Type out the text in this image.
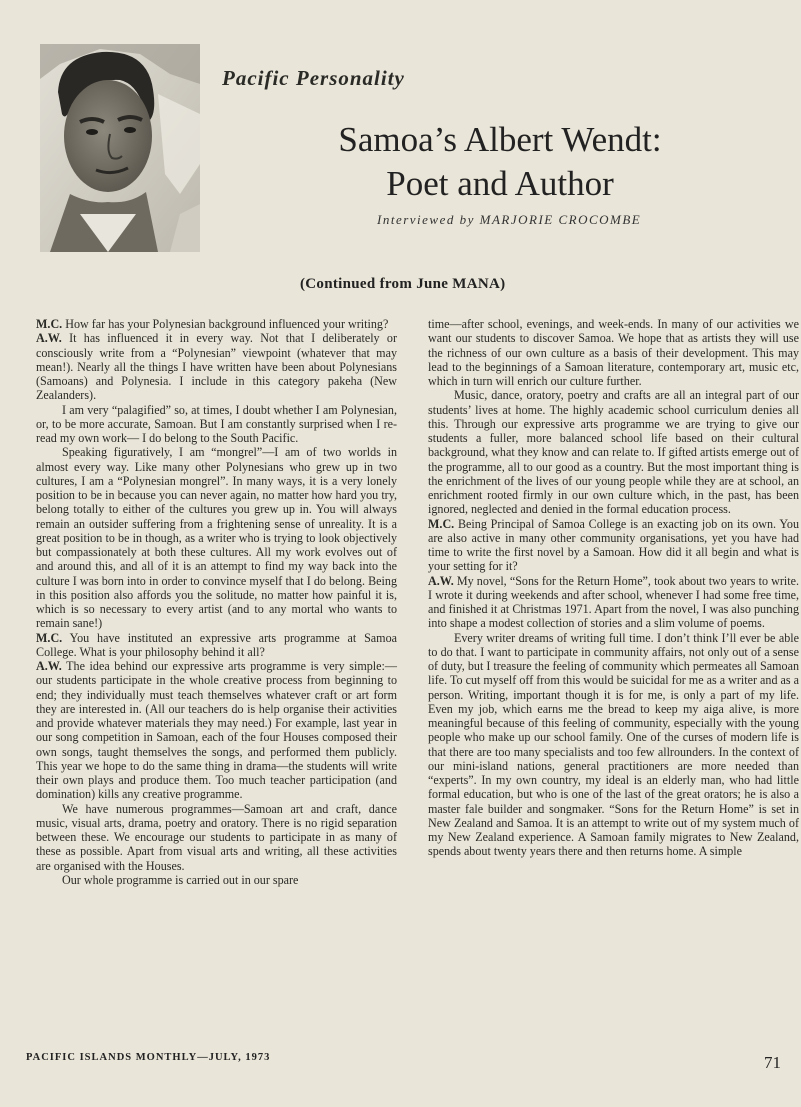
Pacific Personality
Samoa’s Albert Wendt:
Poet and Author
Interviewed by MARJORIE CROCOMBE
(Continued from June MANA)

M.C. How far has your Polynesian background influenced your writing?

A.W. It has influenced it in every way. Not that I deliberately or consciously write from a “Polynesian” viewpoint (whatever that may mean!). Nearly all the things I have written have been about Polynesians (Samoans) and Polynesia. I include in this category pakeha (New Zealanders).

I am very “palagified” so, at times, I doubt whether I am Polynesian, or, to be more accurate, Samoan. But I am constantly surprised when I re-read my own work— I do belong to the South Pacific.

Speaking figuratively, I am “mongrel”—I am of two worlds in almost every way. Like many other Polynesians who grew up in two cultures, I am a “Polynesian mongrel”. In many ways, it is a very lonely position to be in because you can never again, no matter how hard you try, belong totally to either of the cultures you grew up in. You will always remain an outsider suffering from a frightening sense of unreality. It is a great position to be in though, as a writer who is trying to look objectively but compassionately at both these cultures. All my work evolves out of and around this, and all of it is an attempt to find my way back into the culture I was born into in order to convince myself that I do belong. Being in this position also affords you the solitude, no matter how painful it is, which is so necessary to every artist (and to any mortal who wants to remain sane!)

M.C. You have instituted an expressive arts programme at Samoa College. What is your philosophy behind it all?

A.W. The idea behind our expressive arts programme is very simple:—our students participate in the whole creative process from beginning to end; they individually must teach themselves whatever craft or art form they are interested in. (All our teachers do is help organise their activities and provide whatever materials they may need.) For example, last year in our song competition in Samoan, each of the four Houses composed their own songs, taught themselves the songs, and performed them publicly. This year we hope to do the same thing in drama—the students will write their own plays and produce them. Too much teacher participation (and domination) kills any creative programme.

We have numerous programmes—Samoan art and craft, dance music, visual arts, drama, poetry and oratory. There is no rigid separation between these. We encourage our students to participate in as many of these as possible. Apart from visual arts and writing, all these activities are organised with the Houses.

Our whole programme is carried out in our spare

time—after school, evenings, and week-ends. In many of our activities we want our students to discover Samoa. We hope that as artists they will use the richness of our own culture as a basis of their development. This may lead to the beginnings of a Samoan literature, contemporary art, music etc, which in turn will enrich our culture further.

Music, dance, oratory, poetry and crafts are all an integral part of our students’ lives at home. The highly academic school curriculum denies all this. Through our expressive arts programme we are trying to give our students a fuller, more balanced school life based on their cultural background, what they know and can relate to. If gifted artists emerge out of the programme, all to our good as a country. But the most important thing is the enrichment of the lives of our young people while they are at school, an enrichment rooted firmly in our own culture which, in the past, has been ignored, neglected and denied in the formal education process.

M.C. Being Principal of Samoa College is an exacting job on its own. You are also active in many other community organisations, yet you have had time to write the first novel by a Samoan. How did it all begin and what is your setting for it?

A.W. My novel, “Sons for the Return Home”, took about two years to write. I wrote it during weekends and after school, whenever I had some free time, and finished it at Christmas 1971. Apart from the novel, I was also punching into shape a modest collection of stories and a slim volume of poems.

Every writer dreams of writing full time. I don’t think I’ll ever be able to do that. I want to participate in community affairs, not only out of a sense of duty, but I treasure the feeling of community which permeates all Samoan life. To cut myself off from this would be suicidal for me as a writer and as a person. Writing, important though it is for me, is only a part of my life. Even my job, which earns me the bread to keep my aiga alive, is more meaningful because of this feeling of community, especially with the young people who make up our school family. One of the curses of modern life is that there are too many specialists and too few allrounders. In the context of our mini-island nations, general practitioners are more needed than “experts”. In my own country, my ideal is an elderly man, who had little formal education, but who is one of the last of the great orators; he is also a master fale builder and songmaker. “Sons for the Return Home” is set in New Zealand and Samoa. It is an attempt to write out of my system much of my New Zealand experience. A Samoan family migrates to New Zealand, spends about twenty years there and then returns home. A simple

PACIFIC ISLANDS MONTHLY—JULY, 1973	71
